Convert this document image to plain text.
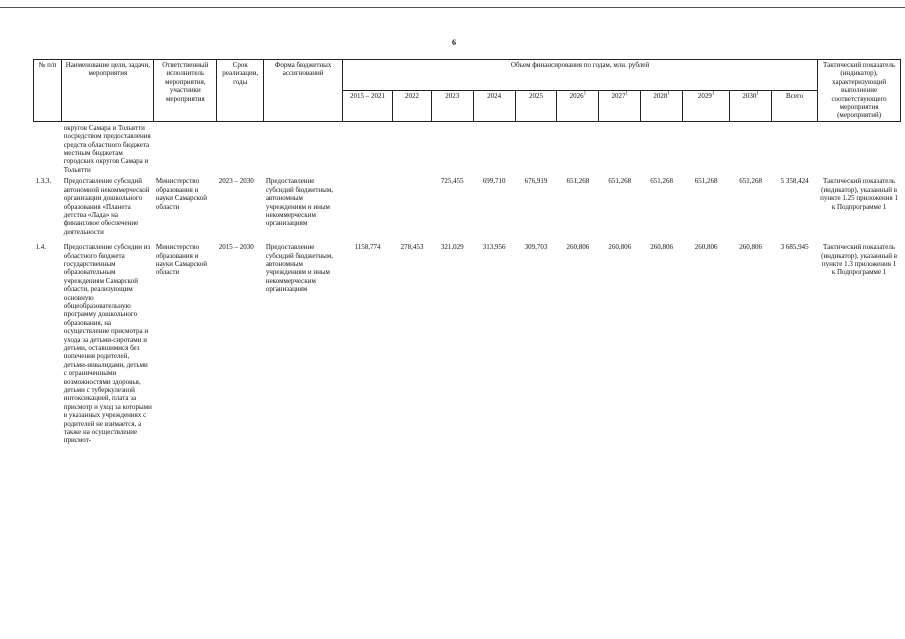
6
№ п/п	Наименование цели, задачи, мероприятия	Ответственный исполнитель мероприятия, участники мероприятия	Срок реализации, годы	Форма бюджетных ассигнований	Объем финансирования по годам, млн. рублей											Тактический показатель (индикатор), характеризующий выполнение соответствующего мероприятия (мероприятий)
					2015 – 2021	2022	2023	2024	2025	2026$^1$	2027$^1$	2028$^1$	2029$^1$	2030$^1$	Всего	
	округов Самара и Тольятти посредством предоставления средств областного бюджета местным бюджетам городских округов Самара и Тольятти															
1.3.3.	Предоставление субсидий автономной некоммерческой организации дошкольного образования «Планета детства «Лада» на финансовое обеспечение деятельности	Министерство образования и науки Самарской области	2023 – 2030	Предоставление субсидий бюджетным, автономным учреждениям и иным некоммерческим организациям			725,455	699,710	676,919	651,268	651,268	651,268	651,268	651,268	5 358,424	Тактический показатель (индикатор), указанный в пункте 1.25 приложения 1 к Подпрограмме 1
1.4.	Предоставление субсидии из областного бюджета государственным образовательным учреждениям Самарской области, реализующим основную общеобразовательную программу дошкольного образования, на осуществление присмотра и ухода за детьми-сиротами и детьми, оставшимися без попечения родителей, детьми-инвалидами, детьми с ограниченными возможностями здоровья, детьми с туберкулезной интоксикацией, плата за присмотр и уход за которыми в указанных учреждениях с родителей не взимается, а также на осуществление присмот-	Министерство образования и науки Самарской области	2015 – 2030	Предоставление субсидий бюджетным, автономным учреждениям и иным некоммерческим организациям	1158,774	278,453	321,029	313,956	309,703	260,806	260,806	260,806	260,806	260,806	3 685,945	Тактический показатель (индикатор), указанный в пункте 1.3 приложения 1 к Подпрограмме 1
